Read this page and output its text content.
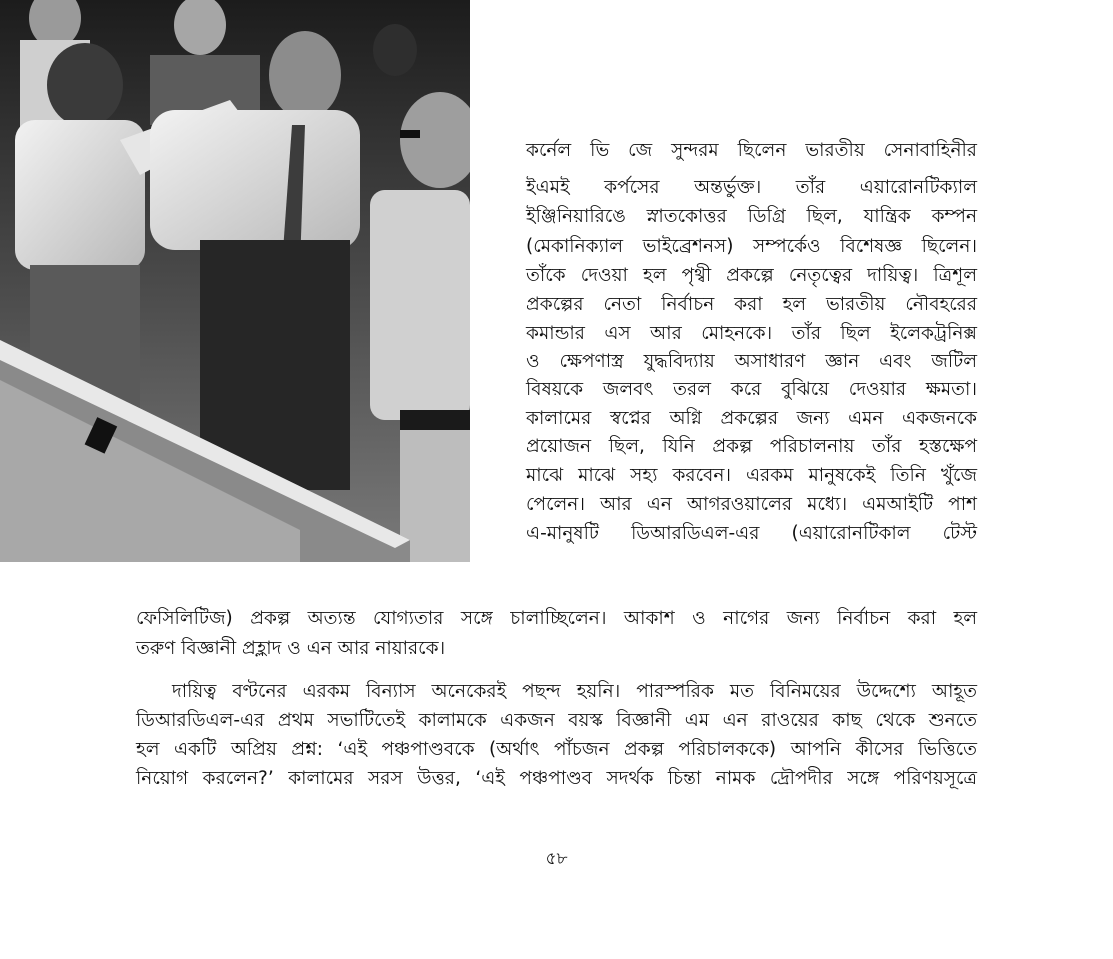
কর্নেল ভি জে সুন্দরম ছিলেন ভারতীয় সেনাবাহিনীর

ইএমই কর্পসের অন্তর্ভুক্ত। তাঁর এয়ারোনটিক্যাল

ইঞ্জিনিয়ারিঙে স্নাতকোত্তর ডিগ্রি ছিল, যান্ত্রিক কম্পন

(মেকানিক্যাল ভাইব্রেশনস) সম্পর্কেও বিশেষজ্ঞ ছিলেন।

তাঁকে দেওয়া হল পৃথ্বী প্রকল্পে নেতৃত্বের দায়িত্ব। ত্রিশূল

প্রকল্পের নেতা নির্বাচন করা হল ভারতীয় নৌবহরের

কমান্ডার এস আর মোহনকে। তাঁর ছিল ইলেকট্রনিক্স

ও ক্ষেপণাস্ত্র যুদ্ধবিদ্যায় অসাধারণ জ্ঞান এবং জটিল

বিষয়কে জলবৎ তরল করে বুঝিয়ে দেওয়ার ক্ষমতা।

কালামের স্বপ্নের অগ্নি প্রকল্পের জন্য এমন একজনকে

প্রয়োজন ছিল, যিনি প্রকল্প পরিচালনায় তাঁর হস্তক্ষেপ

মাঝে মাঝে সহ্য করবেন। এরকম মানুষকেই তিনি খুঁজে

পেলেন। আর এন আগরওয়ালের মধ্যে। এমআইটি পাশ

এ-মানুষটি ডিআরডিএল-এর (এয়ারোনটিকাল টেস্ট

ফেসিলিটিজ) প্রকল্প অত্যন্ত যোগ্যতার সঙ্গে চালাচ্ছিলেন। আকাশ ও নাগের জন্য নির্বাচন করা হল

তরুণ বিজ্ঞানী প্রহ্লাদ ও এন আর নায়ারকে।

দায়িত্ব বণ্টনের এরকম বিন্যাস অনেকেরই পছন্দ হয়নি। পারস্পরিক মত বিনিময়ের উদ্দেশ্যে আহূত

ডিআরডিএল-এর প্রথম সভাটিতেই কালামকে একজন বয়স্ক বিজ্ঞানী এম এন রাওয়ের কাছ থেকে শুনতে

হল একটি অপ্রিয় প্রশ্ন: ‘এই পঞ্চপাণ্ডবকে (অর্থাৎ পাঁচজন প্রকল্প পরিচালককে) আপনি কীসের ভিত্তিতে

নিয়োগ করলেন?’ কালামের সরস উত্তর, ‘এই পঞ্চপাণ্ডব সদর্থক চিন্তা নামক দ্রৌপদীর সঙ্গে পরিণয়সূত্রে

৫৮
